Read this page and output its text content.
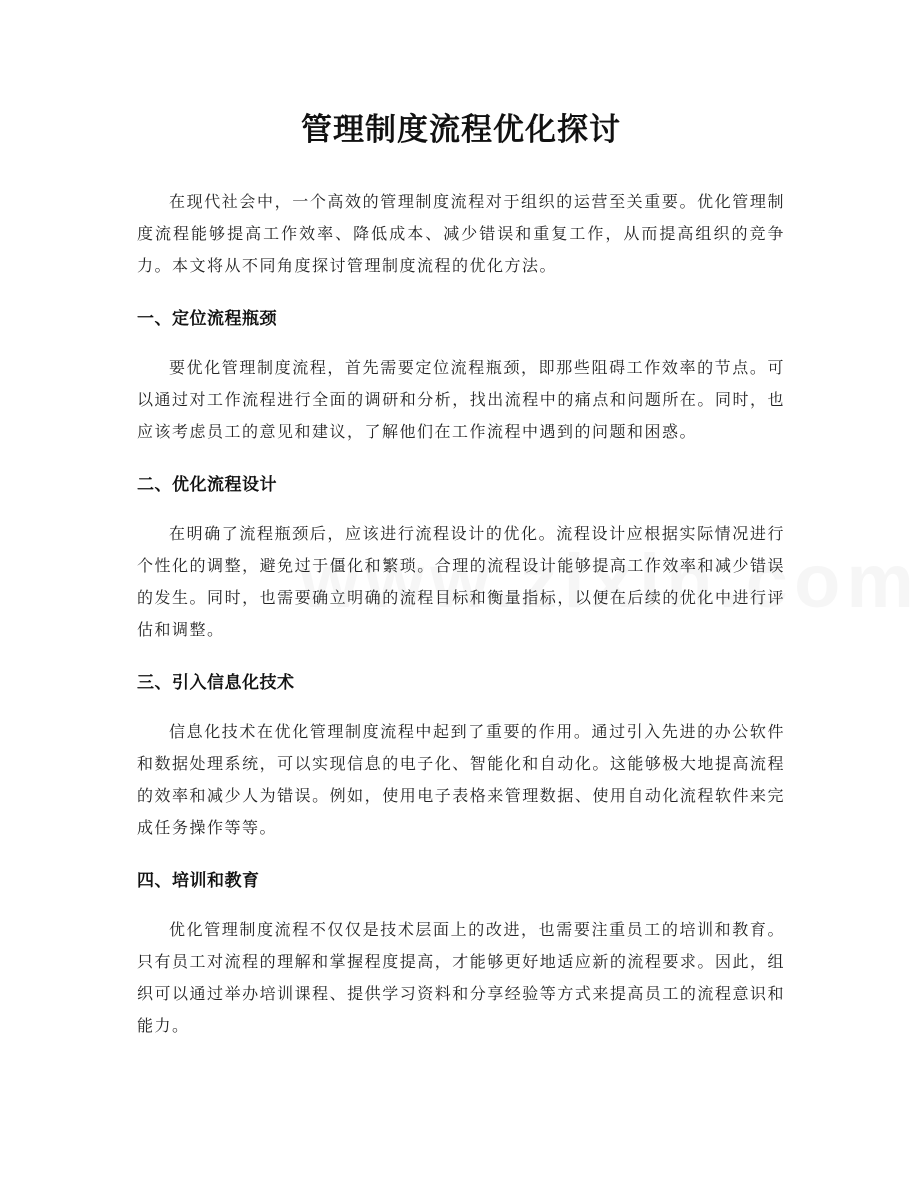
管理制度流程优化探讨

在现代社会中，一个高效的管理制度流程对于组织的运营至关重要。优化管理制度流程能够提高工作效率、降低成本、减少错误和重复工作，从而提高组织的竞争力。本文将从不同角度探讨管理制度流程的优化方法。

一、定位流程瓶颈

要优化管理制度流程，首先需要定位流程瓶颈，即那些阻碍工作效率的节点。可以通过对工作流程进行全面的调研和分析，找出流程中的痛点和问题所在。同时，也应该考虑员工的意见和建议，了解他们在工作流程中遇到的问题和困惑。

二、优化流程设计

在明确了流程瓶颈后，应该进行流程设计的优化。流程设计应根据实际情况进行个性化的调整，避免过于僵化和繁琐。合理的流程设计能够提高工作效率和减少错误的发生。同时，也需要确立明确的流程目标和衡量指标，以便在后续的优化中进行评估和调整。

三、引入信息化技术

信息化技术在优化管理制度流程中起到了重要的作用。通过引入先进的办公软件和数据处理系统，可以实现信息的电子化、智能化和自动化。这能够极大地提高流程的效率和减少人为错误。例如，使用电子表格来管理数据、使用自动化流程软件来完成任务操作等等。

四、培训和教育

优化管理制度流程不仅仅是技术层面上的改进，也需要注重员工的培训和教育。只有员工对流程的理解和掌握程度提高，才能够更好地适应新的流程要求。因此，组织可以通过举办培训课程、提供学习资料和分享经验等方式来提高员工的流程意识和能力。
